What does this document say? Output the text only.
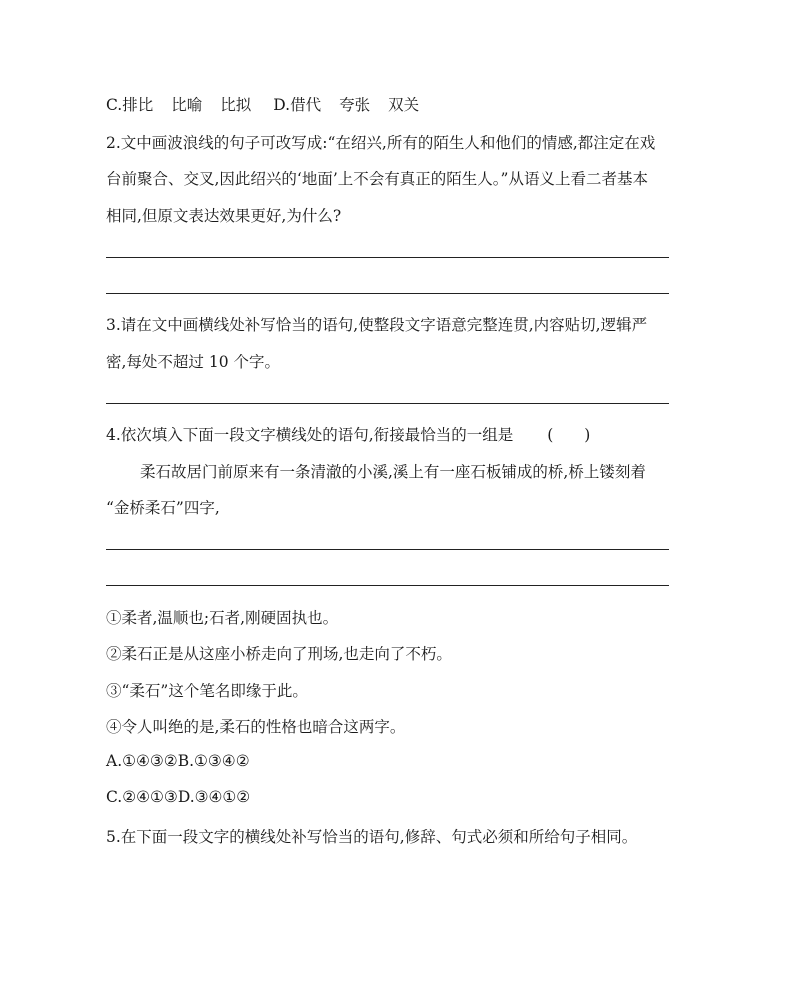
C.排比 比喻 比拟 D.借代 夸张 双关
2.文中画波浪线的句子可改写成:“在绍兴,所有的陌生人和他们的情感,都注定在戏
台前聚合、交叉,因此绍兴的‘地面’上不会有真正的陌生人。”从语义上看二者基本
相同,但原文表达效果更好,为什么?
3.请在文中画横线处补写恰当的语句,使整段文字语意完整连贯,内容贴切,逻辑严
密,每处不超过 10 个字。
4.依次填入下面一段文字横线处的语句,衔接最恰当的一组是 (　　)
柔石故居门前原来有一条清澈的小溪,溪上有一座石板铺成的桥,桥上镂刻着
“金桥柔石”四字,
①柔者,温顺也;石者,刚硬固执也。
②柔石正是从这座小桥走向了刑场,也走向了不朽。
③“柔石”这个笔名即缘于此。
④令人叫绝的是,柔石的性格也暗合这两字。
A.①④③②B.①③④②
C.②④①③D.③④①②
5.在下面一段文字的横线处补写恰当的语句,修辞、句式必须和所给句子相同。
